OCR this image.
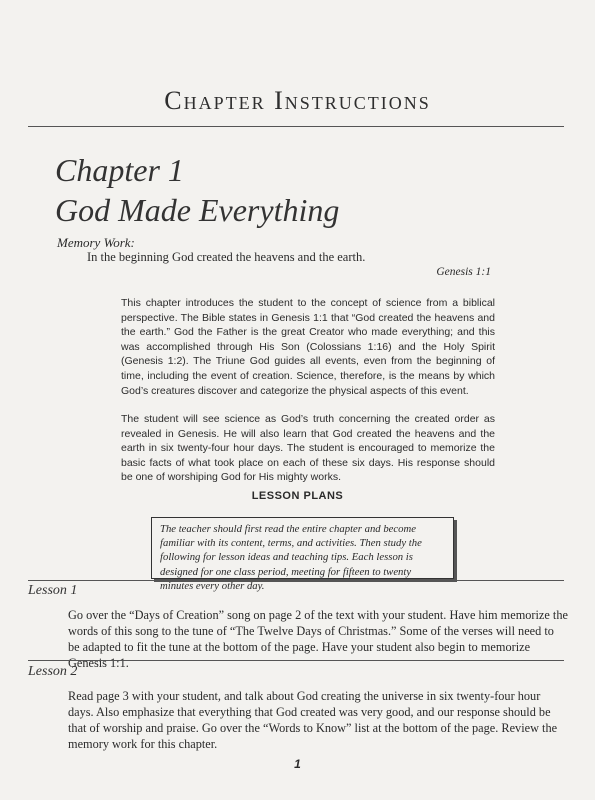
Chapter Instructions
Chapter 1
God Made Everything
Memory Work:
In the beginning God created the heavens and the earth.
Genesis 1:1

This chapter introduces the student to the concept of science from a biblical perspective. The Bible states in Genesis 1:1 that “God created the heavens and the earth.” God the Father is the great Creator who made everything; and this was accomplished through His Son (Colossians 1:16) and the Holy Spirit (Genesis 1:2). The Triune God guides all events, even from the beginning of time, including the event of creation. Science, therefore, is the means by which God’s creatures discover and categorize the physical aspects of this event.

The student will see science as God’s truth concerning the created order as revealed in Genesis. He will also learn that God created the heavens and the earth in six twenty-four hour days. The student is encouraged to memorize the basic facts of what took place on each of these six days. His response should be one of worshiping God for His mighty works.

LESSON PLANS
The teacher should first read the entire chapter and become familiar with its content, terms, and activities. Then study the following for lesson ideas and teaching tips. Each lesson is designed for one class period, meeting for fifteen to twenty minutes every other day.
Lesson 1

Go over the “Days of Creation” song on page 2 of the text with your student. Have him memorize the words of this song to the tune of “The Twelve Days of Christmas.” Some of the verses will need to be adapted to fit the tune at the bottom of the page. Have your student also begin to memorize Genesis 1:1.

Lesson 2

Read page 3 with your student, and talk about God creating the universe in six twenty-four hour days. Also emphasize that everything that God created was very good, and our response should be that of worship and praise. Go over the “Words to Know” list at the bottom of the page. Review the memory work for this chapter.

1
